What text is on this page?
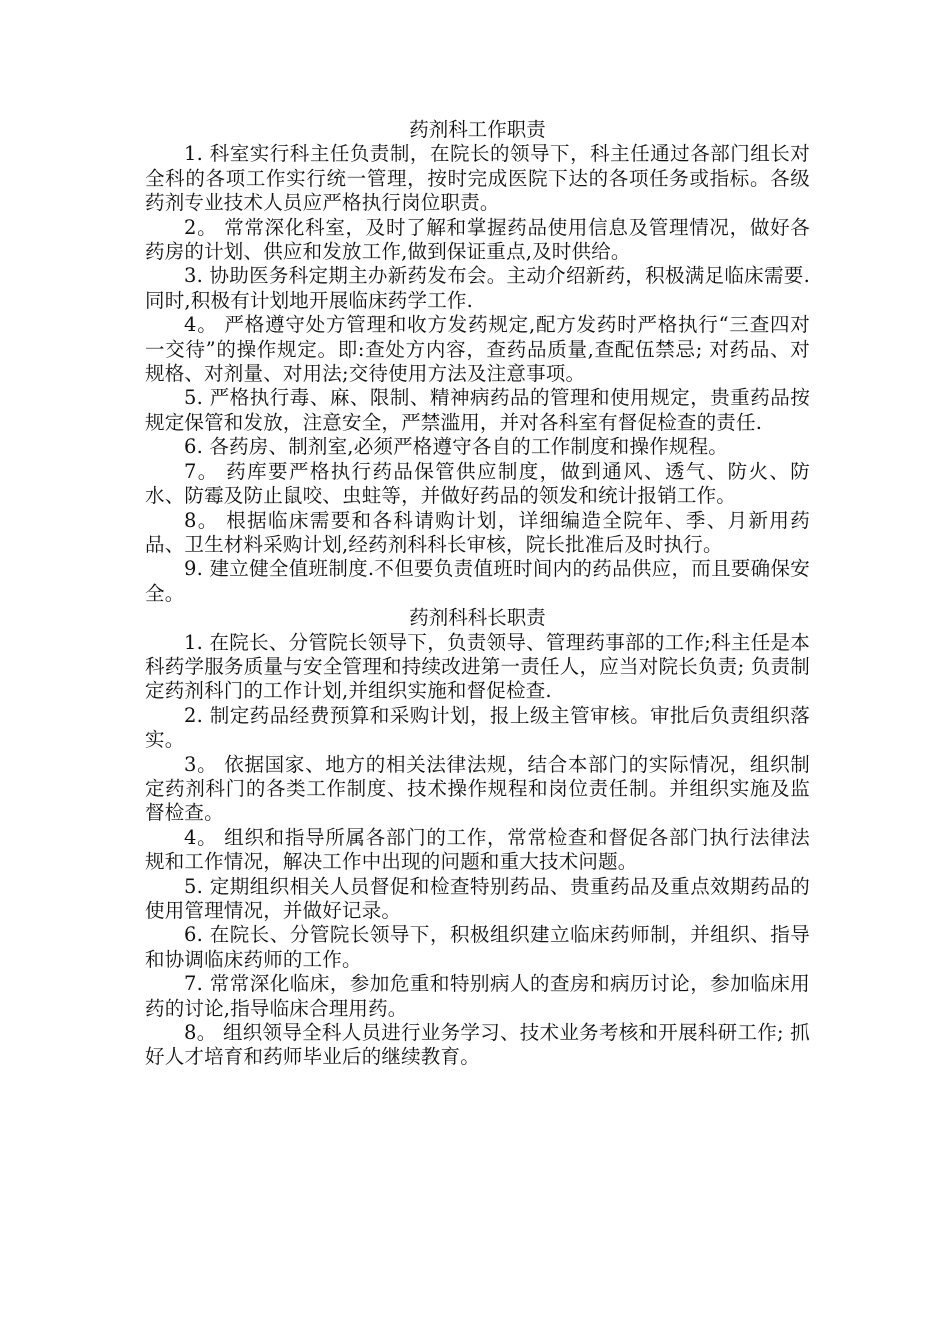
药剂科工作职责

1. 科室实行科主任负责制，在院长的领导下，科主任通过各部门组长对全科的各项工作实行统一管理，按时完成医院下达的各项任务或指标。各级药剂专业技术人员应严格执行岗位职责。

2。 常常深化科室，及时了解和掌握药品使用信息及管理情况，做好各药房的计划、供应和发放工作,做到保证重点,及时供给。

3. 协助医务科定期主办新药发布会。主动介绍新药，积极满足临床需要.同时,积极有计划地开展临床药学工作.

4。 严格遵守处方管理和收方发药规定,配方发药时严格执行“三查四对一交待”的操作规定。即:查处方内容，查药品质量,查配伍禁忌; 对药品、对规格、对剂量、对用法;交待使用方法及注意事项。

5. 严格执行毒、麻、限制、精神病药品的管理和使用规定，贵重药品按规定保管和发放，注意安全，严禁滥用，并对各科室有督促检查的责任.

6. 各药房、制剂室,必须严格遵守各自的工作制度和操作规程。

7。 药库要严格执行药品保管供应制度，做到通风、透气、防火、防水、防霉及防止鼠咬、虫蛀等，并做好药品的领发和统计报销工作。

8。 根据临床需要和各科请购计划，详细编造全院年、季、月新用药品、卫生材料采购计划,经药剂科科长审核，院长批准后及时执行。

9. 建立健全值班制度.不但要负责值班时间内的药品供应，而且要确保安全。

药剂科科长职责

1. 在院长、分管院长领导下，负责领导、管理药事部的工作;科主任是本科药学服务质量与安全管理和持续改进第一责任人，应当对院长负责; 负责制定药剂科门的工作计划,并组织实施和督促检查.

2. 制定药品经费预算和采购计划，报上级主管审核。审批后负责组织落实。

3。 依据国家、地方的相关法律法规，结合本部门的实际情况，组织制定药剂科门的各类工作制度、技术操作规程和岗位责任制。并组织实施及监督检查。

4。 组织和指导所属各部门的工作，常常检查和督促各部门执行法律法规和工作情况，解决工作中出现的问题和重大技术问题。

5. 定期组织相关人员督促和检查特别药品、贵重药品及重点效期药品的使用管理情况，并做好记录。

6. 在院长、分管院长领导下，积极组织建立临床药师制，并组织、指导和协调临床药师的工作。

7. 常常深化临床，参加危重和特别病人的查房和病历讨论，参加临床用药的讨论,指导临床合理用药。

8。 组织领导全科人员进行业务学习、技术业务考核和开展科研工作; 抓好人才培育和药师毕业后的继续教育。
